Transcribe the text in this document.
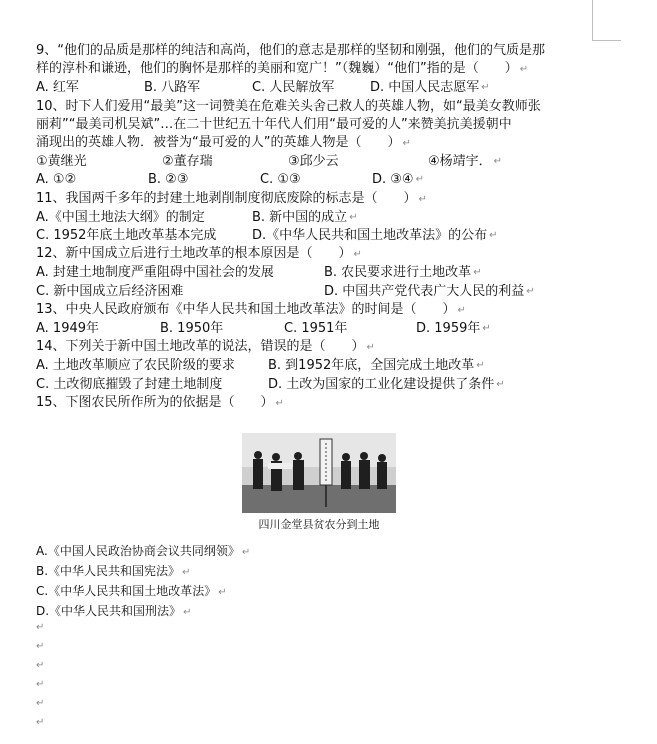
9、“他们的品质是那样的纯洁和高尚，他们的意志是那样的坚韧和刚强，他们的气质是那
样的淳朴和谦逊，他们的胸怀是那样的美丽和宽广！”（魏巍）“他们”指的是（　　） ↵
A. 红军	B. 八路军	C. 人民解放军	D. 中国人民志愿军 ↵
10、时下人们爱用“最美”这一词赞美在危难关头舍己救人的英雄人物，如“最美女教师张
丽莉”“最美司机吴斌”…在二十世纪五十年代人们用“最可爱的人”来赞美抗美援朝中
涌现出的英雄人物．被誉为“最可爱的人”的英雄人物是（　　） ↵
①黄继光	②董存瑞	③邱少云	④杨靖宇． ↵
A. ①②	B. ②③	C. ①③	D. ③④ ↵
11、我国两千多年的封建土地剥削制度彻底废除的标志是（　　） ↵
A.《中国土地法大纲》的制定	B. 新中国的成立 ↵
C. 1952年底土地改革基本完成	D.《中华人民共和国土地改革法》的公布 ↵
12、新中国成立后进行土地改革的根本原因是（　　） ↵
A. 封建土地制度严重阻碍中国社会的发展	B. 农民要求进行土地改革 ↵
C. 新中国成立后经济困难	D. 中国共产党代表广大人民的利益 ↵
13、中央人民政府颁布《中华人民共和国土地改革法》的时间是（　　） ↵
A. 1949年	B. 1950年	C. 1951年	D. 1959年 ↵
14、下列关于新中国土地改革的说法，错误的是（　　） ↵
A. 土地改革顺应了农民阶级的要求	B. 到1952年底，全国完成土地改革 ↵
C. 土改彻底摧毁了封建土地制度	D. 土改为国家的工业化建设提供了条件 ↵
15、下图农民所作所为的依据是（　　） ↵
四川金堂县贫农分到土地
A.《中国人民政治协商会议共同纲领》 ↵
B.《中华人民共和国宪法》 ↵
C.《中华人民共和国土地改革法》 ↵
D.《中华人民共和国刑法》 ↵
↵
↵
↵
↵
↵
↵
